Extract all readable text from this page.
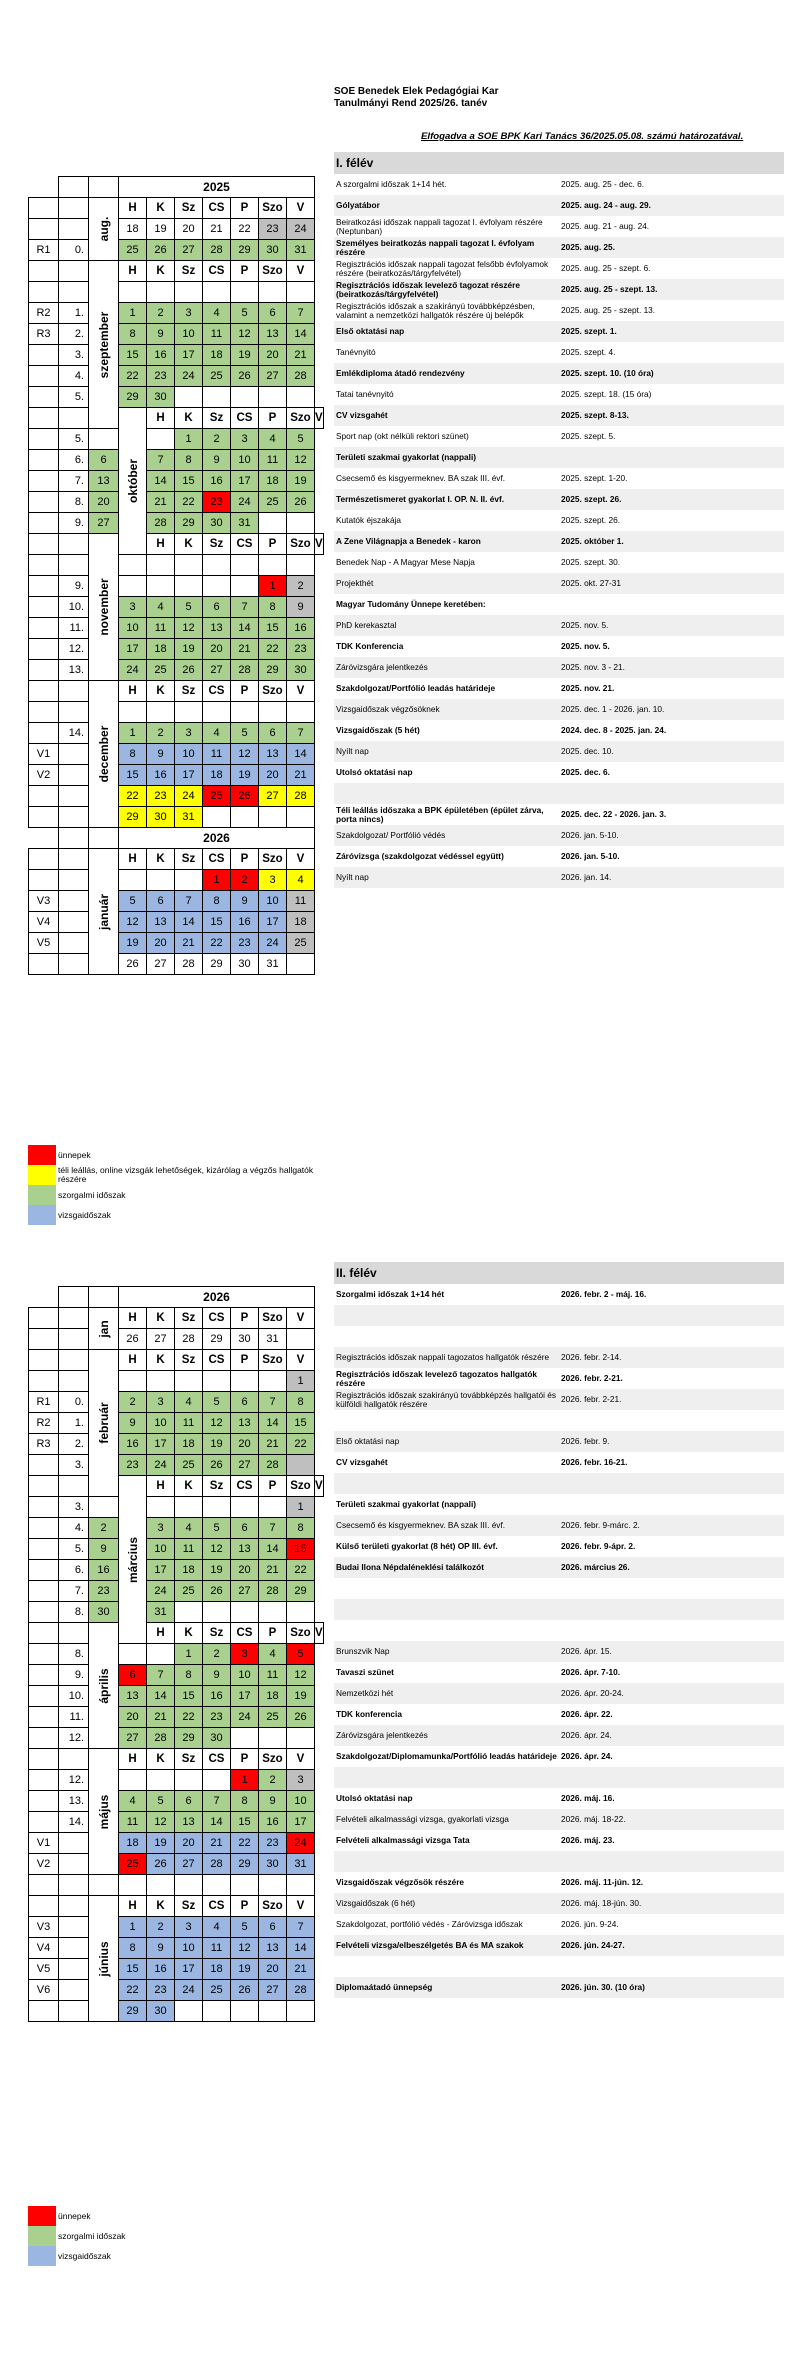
SOE Benedek Elek Pedagógiai Kar
Tanulmányi Rend 2025/26. tanév
Elfogadva a SOE BPK Kari Tanács 36/2025.05.08. számú határozatával.
			2025							

		aug.	H	K	Sz	CS	P	Szo	V	
			18	19	20	21	22	23	24	
R1	0.		25	26	27	28	29	30	31	

		szeptember	H	K	Sz	CS	P	Szo	V	

R2	1.		1	2	3	4	5	6	7	
R3	2.		8	9	10	11	12	13	14	
	3.		15	16	17	18	19	20	21	
	4.		22	23	24	25	26	27	28	
	5.		29	30						

			október	H	K	Sz	CS	P	Szo	V
	5.				1	2	3	4	5	
	6.	6		7	8	9	10	11	12	
	7.	13		14	15	16	17	18	19	
	8.	20		21	22	23	24	25	26	
	9.	27		28	29	30	31			

		november		H	K	Sz	CS	P	Szo	V

	9.							1	2	
	10.		3	4	5	6	7	8	9	
	11.		10	11	12	13	14	15	16	
	12.		17	18	19	20	21	22	23	
	13.		24	25	26	27	28	29	30	

		december	H	K	Sz	CS	P	Szo	V	

	14.		1	2	3	4	5	6	7	
V1			8	9	10	11	12	13	14	
V2			15	16	17	18	19	20	21	
			22	23	24	25	26	27	28	
			29	30	31					
			2026							

		január	H	K	Sz	CS	P	Szo	V	
						1	2	3	4	
V3			5	6	7	8	9	10	11	
V4			12	13	14	15	16	17	18	
V5			19	20	21	22	23	24	25	
			26	27	28	29	30	31		
			2026							

		jan	H	K	Sz	CS	P	Szo	V	
			26	27	28	29	30	31		

		február	H	K	Sz	CS	P	Szo	V	
									1	
R1	0.		2	3	4	5	6	7	8	
R2	1.		9	10	11	12	13	14	15	
R3	2.		16	17	18	19	20	21	22	
	3.		23	24	25	26	27	28		

			március	H	K	Sz	CS	P	Szo	V
	3.								1	
	4.	2		3	4	5	6	7	8	
	5.	9		10	11	12	13	14	15	
	6.	16		17	18	19	20	21	22	
	7.	23		24	25	26	27	28	29	
	8.	30		31						

		április		H	K	Sz	CS	P	Szo	V
	8.				1	2	3	4	5	
	9.		6	7	8	9	10	11	12	
	10.		13	14	15	16	17	18	19	
	11.		20	21	22	23	24	25	26	
	12.		27	28	29	30				

		május	H	K	Sz	CS	P	Szo	V	
	12.						1	2	3	
	13.		4	5	6	7	8	9	10	
	14.		11	12	13	14	15	16	17	
V1			18	19	20	21	22	23	24	
V2			25	26	27	28	29	30	31	

		június	H	K	Sz	CS	P	Szo	V	
V3			1	2	3	4	5	6	7	
V4			8	9	10	11	12	13	14	
V5			15	16	17	18	19	20	21	
V6			22	23	24	25	26	27	28	
			29	30						
I. félév	
A szorgalmi időszak 1+14 hét.	2025. aug. 25 - dec. 6.
Gólyatábor	2025. aug. 24 - aug. 29.
Beiratkozási időszak nappali tagozat I. évfolyam részére (Neptunban)	2025. aug. 21 - aug. 24.
Személyes beiratkozás nappali tagozat I. évfolyam részére	2025. aug. 25.
Regisztrációs időszak nappali tagozat felsőbb évfolyamok részére (beiratkozás/tárgyfelvétel)	2025. aug. 25 - szept. 6.
Regisztrációs időszak levelező tagozat részére (beiratkozás/tárgyfelvétel)	2025. aug. 25 - szept. 13.
Regisztrációs időszak a szakirányú továbbképzésben, valamint a nemzetközi hallgatók részére új belépők	2025. aug. 25 - szept. 13.
Első oktatási nap	2025. szept. 1.
Tanévnyitó	2025. szept. 4.
Emlékdiploma átadó rendezvény	2025. szept. 10. (10 óra)
Tatai tanévnyitó	2025. szept. 18. (15 óra)
CV vizsgahét	2025. szept. 8-13.
Sport nap (okt nélküli rektori szünet)	2025. szept. 5.
Területi szakmai gyakorlat (nappali)	
Csecsemő és kisgyermeknev. BA szak III. évf.	2025. szept. 1-20.
Természetismeret gyakorlat I. OP. N. II. évf.	2025. szept. 26.
Kutatók éjszakája	2025. szept. 26.
A Zene Világnapja a Benedek - karon	2025. október 1.
Benedek Nap - A Magyar Mese Napja	2025. szept. 30.
Projekthét	2025. okt. 27-31
Magyar Tudomány Ünnepe keretében:	
PhD kerekasztal	2025. nov. 5.
TDK Konferencia	2025. nov. 5.
Záróvizsgára jelentkezés	2025. nov. 3 - 21.
Szakdolgozat/Portfólió leadás határideje	2025. nov. 21.
Vizsgaidőszak végzősöknek	2025. dec. 1 - 2026. jan. 10.
Vizsgaidőszak (5 hét)	2024. dec. 8 - 2025. jan. 24.
Nyílt nap	2025. dec. 10.
Utolsó oktatási nap	2025. dec. 6.

Téli leállás időszaka a BPK épületében (épület zárva, porta nincs)	2025. dec. 22 - 2026. jan. 3.
Szakdolgozat/ Portfólió védés	2026. jan. 5-10.
Záróvizsga (szakdolgozat védéssel együtt)	2026. jan. 5-10.
Nyílt nap	2026. jan. 14.
II. félév	
Szorgalmi időszak 1+14 hét	2026. febr. 2 - máj. 16.

Regisztrációs időszak nappali tagozatos hallgatók részére	2026. febr. 2-14.
Regisztrációs időszak levelező tagozatos hallgatók részére	2026. febr. 2-21.
Regisztrációs időszak szakirányú továbbképzés hallgatói és külföldi hallgatók részére	2026. febr. 2-21.

Első oktatási nap	2026. febr. 9.
CV vizsgahét	2026. febr. 16-21.

Területi szakmai gyakorlat (nappali)	
Csecsemő és kisgyermeknev. BA szak III. évf.	2026. febr. 9-márc. 2.
Külső területi gyakorlat (8 hét) OP III. évf.	2026. febr. 9-ápr. 2.
Budai Ilona Népdaléneklési találkozót	2026. március 26.

Brunszvik Nap	2026. ápr. 15.
Tavaszi szünet	2026. ápr. 7-10.
Nemzetközi hét	2026. ápr. 20-24.
TDK konferencia	2026. ápr. 22.
Záróvizsgára jelentkezés	2026. ápr. 24.
Szakdolgozat/Diplomamunka/Portfólió leadás határideje	2026. ápr. 24.

Utolsó oktatási nap	2026. máj. 16.
Felvételi alkalmassági vizsga, gyakorlati vizsga	2026. máj. 18-22.
Felvételi alkalmassági vizsga Tata	2026. máj. 23.

Vizsgaidőszak végzősök részére	2026. máj. 11-jún. 12.
Vizsgaidőszak (6 hét)	2026. máj. 18-jún. 30.
Szakdolgozat, portfólió védés - Záróvizsga időszak	2026. jún. 9-24.
Felvételi vizsga/elbeszélgetés BA és MA szakok	2026. jún. 24-27.

Diplomaátadó ünnepség	2026. jún. 30. (10 óra)
ünnepek
téli leállás, online vizsgák lehetőségek, kizárólag a végzős hallgatók részére
szorgalmi időszak
vizsgaidőszak
ünnepek
szorgalmi időszak
vizsgaidőszak
